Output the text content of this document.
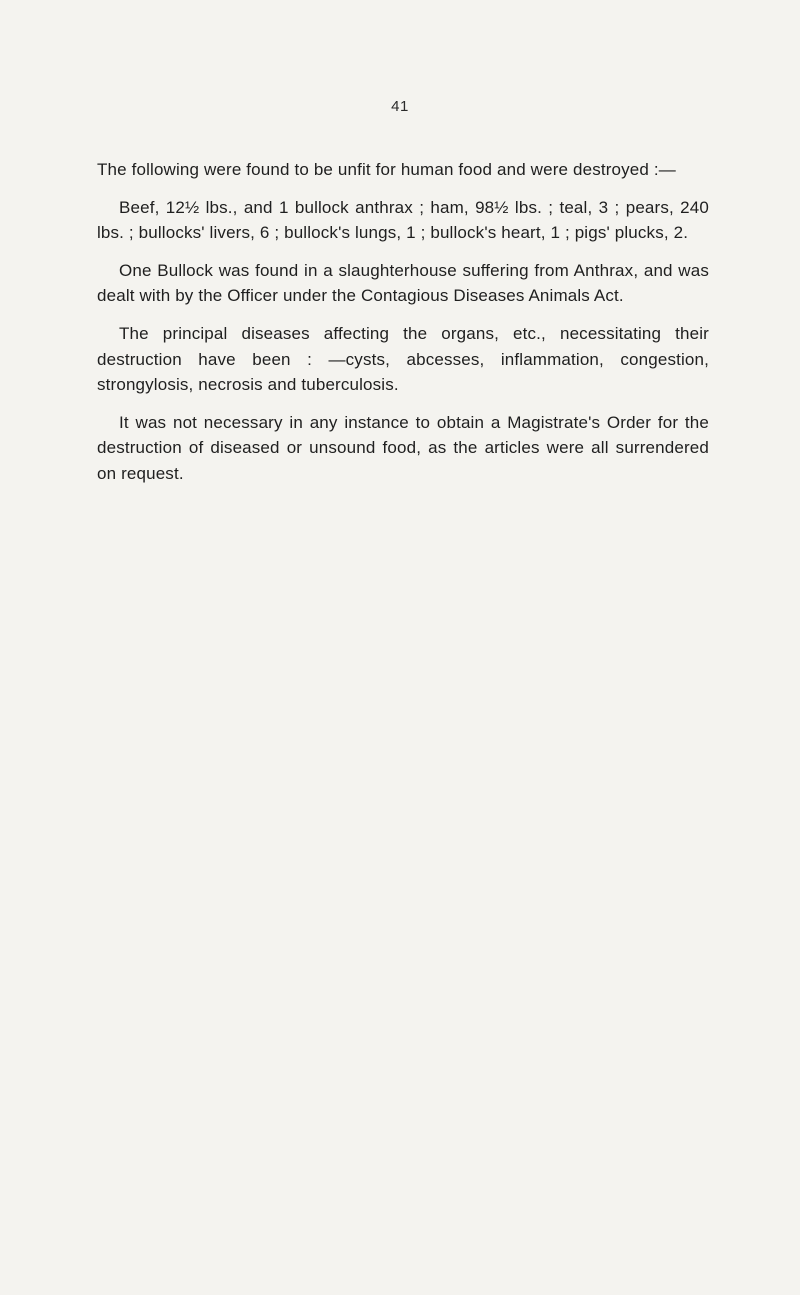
41

The following were found to be unfit for human food and were destroyed :—

Beef, 12½ lbs., and 1 bullock anthrax ; ham, 98½ lbs. ; teal, 3 ; pears, 240 lbs. ; bullocks' livers, 6 ; bullock's lungs, 1 ; bullock's heart, 1 ; pigs' plucks, 2.

One Bullock was found in a slaughterhouse suffering from Anthrax, and was dealt with by the Officer under the Contagious Diseases Animals Act.

The principal diseases affecting the organs, etc., necessitating their destruction have been : —cysts, abcesses, inflammation, congestion, strongylosis, necrosis and tuberculosis.

It was not necessary in any instance to obtain a Magistrate's Order for the destruction of diseased or unsound food, as the articles were all surrendered on request.
